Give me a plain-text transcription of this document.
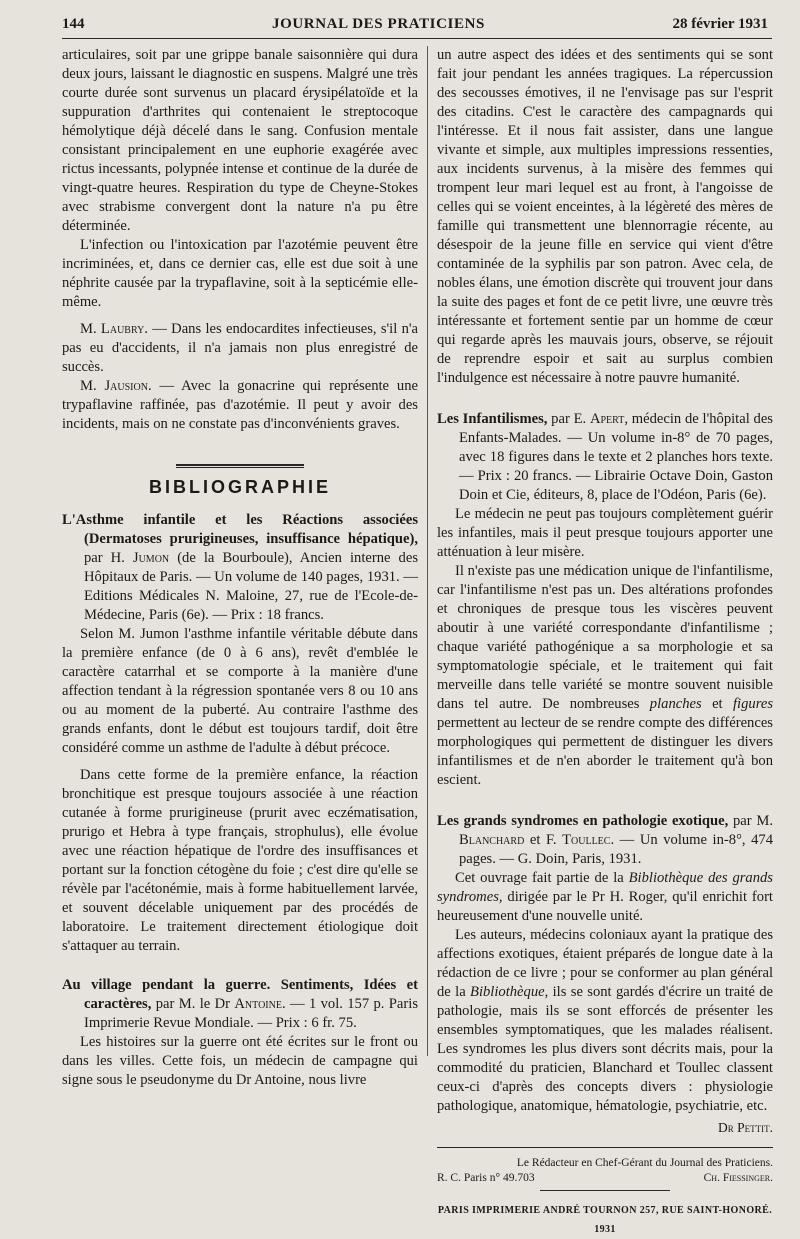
144	JOURNAL DES PRATICIENS	28 février 1931

articulaires, soit par une grippe banale saisonnière qui dura deux jours, laissant le diagnostic en suspens. Malgré une très courte durée sont survenus un placard érysipélatoïde et la suppuration d'arthrites qui contenaient le streptocoque hémolytique déjà décelé dans le sang. Confusion mentale consistant principalement en une euphorie exagérée avec rictus incessants, polypnée intense et continue de la durée de vingt-quatre heures. Respiration du type de Cheyne-Stokes avec strabisme convergent dont la nature n'a pu être déterminée.

L'infection ou l'intoxication par l'azotémie peuvent être incriminées, et, dans ce dernier cas, elle est due soit à une néphrite causée par la trypaflavine, soit à la septicémie elle-même.

M. Laubry. — Dans les endocardites infectieuses, s'il n'a pas eu d'accidents, il n'a jamais non plus enregistré de succès.

M. Jausion. — Avec la gonacrine qui représente une trypaflavine raffinée, pas d'azotémie. Il peut y avoir des incidents, mais on ne constate pas d'inconvénients graves.

BIBLIOGRAPHIE

L'Asthme infantile et les Réactions associées (Dermatoses prurigineuses, insuffisance hépatique), par H. Jumon (de la Bourboule), Ancien interne des Hôpitaux de Paris. — Un volume de 140 pages, 1931. — Editions Médicales N. Maloine, 27, rue de l'Ecole-de-Médecine, Paris (6e). — Prix : 18 francs.

Selon M. Jumon l'asthme infantile véritable débute dans la première enfance (de 0 à 6 ans), revêt d'emblée le caractère catarrhal et se comporte à la manière d'une affection tendant à la régression spontanée vers 8 ou 10 ans ou au moment de la puberté. Au contraire l'asthme des grands enfants, dont le début est toujours tardif, doit être considéré comme un asthme de l'adulte à début précoce.

Dans cette forme de la première enfance, la réaction bronchitique est presque toujours associée à une réaction cutanée à forme prurigineuse (prurit avec eczématisation, prurigo et Hebra à type français, strophulus), elle évolue avec une réaction hépatique de l'ordre des insuffisances et portant sur la fonction cétogène du foie ; c'est dire qu'elle se révèle par l'acétonémie, mais à forme habituellement larvée, et souvent décelable uniquement par des procédés de laboratoire. Le traitement directement étiologique doit s'attaquer au terrain.

Au village pendant la guerre. Sentiments, Idées et caractères, par M. le Dr Antoine. — 1 vol. 157 p. Paris Imprimerie Revue Mondiale. — Prix : 6 fr. 75.

Les histoires sur la guerre ont été écrites sur le front ou dans les villes. Cette fois, un médecin de campagne qui signe sous le pseudonyme du Dr Antoine, nous livre

un autre aspect des idées et des sentiments qui se sont fait jour pendant les années tragiques. La répercussion des secousses émotives, il ne l'envisage pas sur l'esprit des citadins. C'est le caractère des campagnards qui l'intéresse. Et il nous fait assister, dans une langue vivante et simple, aux multiples impressions ressenties, aux incidents survenus, à la misère des femmes qui trompent leur mari lequel est au front, à l'angoisse de celles qui se voient enceintes, à la légèreté des mères de famille qui transmettent une blennorragie récente, au désespoir de la jeune fille en service qui vient d'être contaminée de la syphilis par son patron. Avec cela, de nobles élans, une émotion discrète qui trouvent jour dans la suite des pages et font de ce petit livre, une œuvre très intéressante et fortement sentie par un homme de cœur qui regarde après les mauvais jours, observe, se réjouit de reprendre espoir et sait au surplus combien l'indulgence est nécessaire à notre pauvre humanité.

Les Infantilismes, par E. Apert, médecin de l'hôpital des Enfants-Malades. — Un volume in-8° de 70 pages, avec 18 figures dans le texte et 2 planches hors texte. — Prix : 20 francs. — Librairie Octave Doin, Gaston Doin et Cie, éditeurs, 8, place de l'Odéon, Paris (6e).

Le médecin ne peut pas toujours complètement guérir les infantiles, mais il peut presque toujours apporter une atténuation à leur misère.

Il n'existe pas une médication unique de l'infantilisme, car l'infantilisme n'est pas un. Des altérations profondes et chroniques de presque tous les viscères peuvent aboutir à une variété correspondante d'infantilisme ; chaque variété pathogénique a sa morphologie et sa symptomatologie spéciale, et le traitement qui fait merveille dans telle variété se montre souvent nuisible dans tel autre. De nombreuses planches et figures permettent au lecteur de se rendre compte des différences morphologiques qui permettent de distinguer les divers infantilismes et de n'en aborder le traitement qu'à bon escient.

Les grands syndromes en pathologie exotique, par M. Blanchard et F. Toullec. — Un volume in-8°, 474 pages. — G. Doin, Paris, 1931.

Cet ouvrage fait partie de la Bibliothèque des grands syndromes, dirigée par le Pr H. Roger, qu'il enrichit fort heureusement d'une nouvelle unité.

Les auteurs, médecins coloniaux ayant la pratique des affections exotiques, étaient préparés de longue date à la rédaction de ce livre ; pour se conformer au plan général de la Bibliothèque, ils se sont gardés d'écrire un traité de pathologie, mais ils se sont efforcés de présenter les ensembles symptomatiques, que les malades réalisent. Les syndromes les plus divers sont décrits mais, pour la commodité du praticien, Blanchard et Toullec classent ceux-ci d'après des concepts divers : physiologie pathologique, anatomique, hématologie, psychiatrie, etc.

Dr Pettit.

Le Rédacteur en Chef-Gérant du Journal des Praticiens.

R. C. Paris n° 49.703	Ch. Fiessinger.

PARIS IMPRIMERIE ANDRÉ TOURNON 257, RUE SAINT-HONORÉ. 1931
